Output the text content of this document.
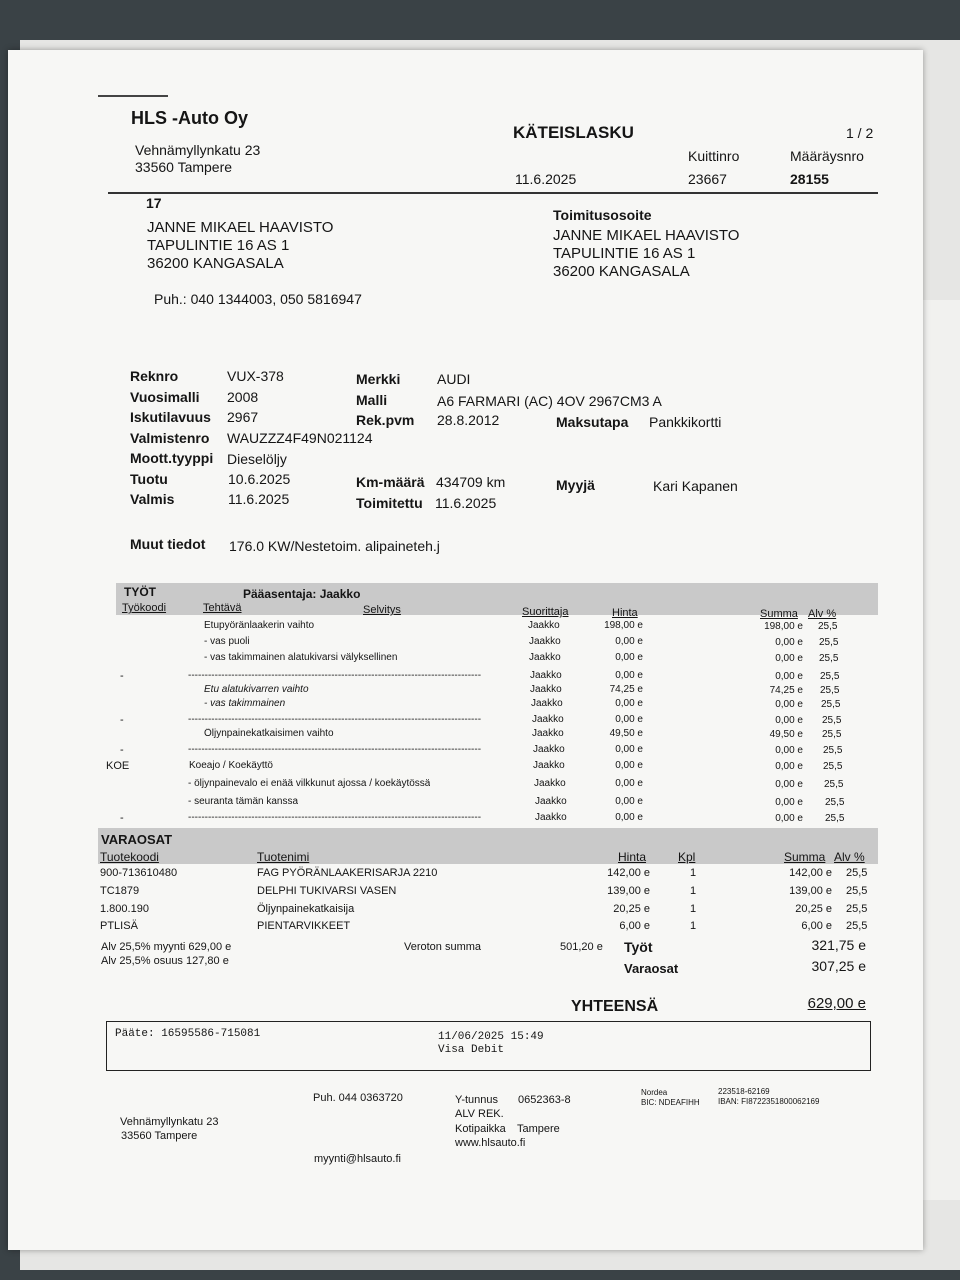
HLS -Auto Oy
Vehnämyllynkatu 23
33560 Tampere
KÄTEISLASKU	1 / 2
Kuittinro	Määräysnro
11.6.2025	23667	28155
17
JANNE MIKAEL HAAVISTO
TAPULINTIE 16 AS 1
36200 KANGASALA
Puh.: 040 1344003, 050 5816947
Toimitusosoite
JANNE MIKAEL HAAVISTO
TAPULINTIE 16 AS 1
36200 KANGASALA
Reknro	VUX-378
Vuosimalli 2008
Iskutilavuus 2967
Valmistenro WAUZZZ4F49N021124
Moott.tyyppi Dieselöljy
Tuotu	10.6.2025
Valmis	11.6.2025
Merkki	AUDI
Malli	A6 FARMARI (AC) 4OV 2967CM3 A
Rek.pvm 28.8.2012	Maksutapa Pankkikortti
Km-määrä 434709 km
Toimitettu 11.6.2025
Myyjä	Kari Kapanen
Muut tiedot 176.0 KW/Nestetoim. alipaineteh.j
TYÖT	Pääasentaja: Jaakko
Työkoodi	Tehtävä	Selvitys	Suorittaja	Hinta	Summa Alv %
Etupyöränlaakerin vaihto	Jaakko	198,00 e	198,00 e 25,5
- vas puoli	Jaakko	0,00 e	0,00 e 25,5
- vas takimmainen alatukivarsi välyksellinen	Jaakko	0,00 e	0,00 e 25,5
-	----------------------------------------------------------------------------------------	Jaakko	0,00 e	0,00 e 25,5
Etu alatukivarren vaihto	Jaakko	74,25 e	74,25 e 25,5
- vas takimmainen	Jaakko	0,00 e	0,00 e 25,5
-	----------------------------------------------------------------------------------------	Jaakko	0,00 e	0,00 e 25,5
Öljynpainekatkaisimen vaihto	Jaakko	49,50 e	49,50 e 25,5
-	----------------------------------------------------------------------------------------	Jaakko	0,00 e	0,00 e 25,5
KOE	Koeajo / Koekäyttö	Jaakko	0,00 e	0,00 e 25,5
- öljynpainevalo ei enää vilkkunut ajossa / koekäytössä	Jaakko	0,00 e	0,00 e 25,5
- seuranta tämän kanssa	Jaakko	0,00 e	0,00 e 25,5
-	----------------------------------------------------------------------------------------	Jaakko	0,00 e	0,00 e 25,5
VARAOSAT
Tuotekoodi	Tuotenimi	Hinta	Kpl	Summa Alv %
900-713610480	FAG PYÖRÄNLAAKERISARJA 2210	142,00 e	1	142,00 e 25,5
TC1879	DELPHI TUKIVARSI VASEN	139,00 e	1	139,00 e 25,5
1.800.190	Öljynpainekatkaisija	20,25 e	1	20,25 e 25,5
PTLISÄ	PIENTARVIKKEET	6,00 e	1	6,00 e 25,5
Alv 25,5% myynti 629,00 e
Alv 25,5% osuus 127,80 e
Veroton summa	501,20 e Työt	321,75 e
Varaosat	307,25 e
YHTEENSÄ	629,00 e
Pääte: 16595586-715081	11/06/2025 15:49
Visa Debit
Puh. 044 0363720	Y-tunnus 0652363-8
ALV REK.
Kotipaikka Tampere
www.hlsauto.fi
Nordea
BIC: NDEAFIHH
223518-62169
IBAN: FI8722351800062169
Vehnämyllynkatu 23
33560 Tampere
myynti@hlsauto.fi
